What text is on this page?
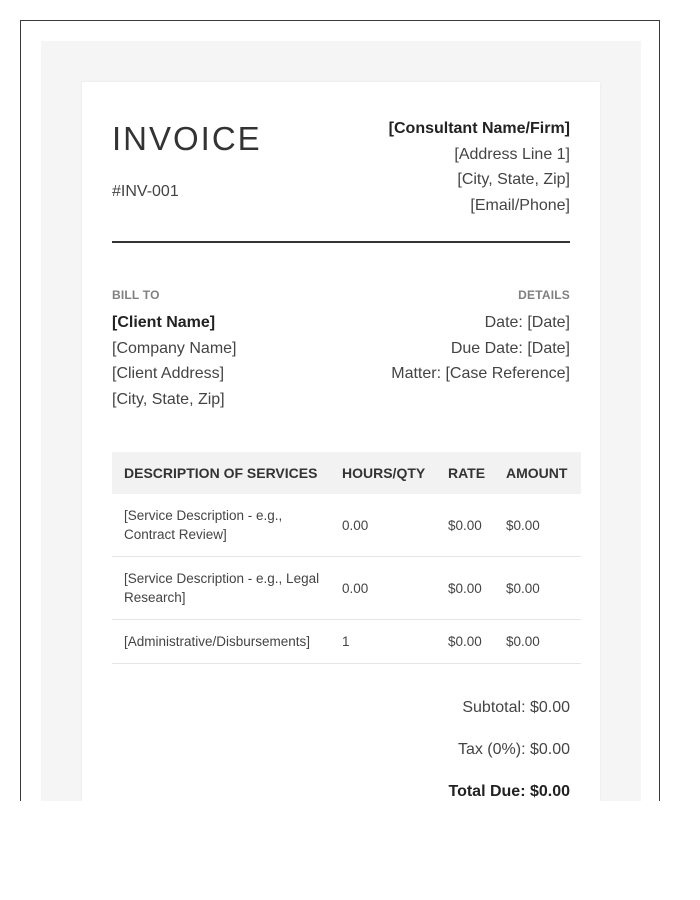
INVOICE
#INV-001
[Consultant Name/Firm]
[Address Line 1]
[City, State, Zip]
[Email/Phone]
BILL TO	DETAILS
[Client Name]
[Company Name]
[Client Address]
[City, State, Zip]
Date: [Date]
Due Date: [Date]
Matter: [Case Reference]
DESCRIPTION OF SERVICES	HOURS/QTY	RATE	AMOUNT
[Service Description - e.g., Contract Review]	0.00	$0.00	$0.00
[Service Description - e.g., Legal Research]	0.00	$0.00	$0.00
[Administrative/Disbursements]	1	$0.00	$0.00
Subtotal: $0.00
Tax (0%): $0.00
Total Due: $0.00
